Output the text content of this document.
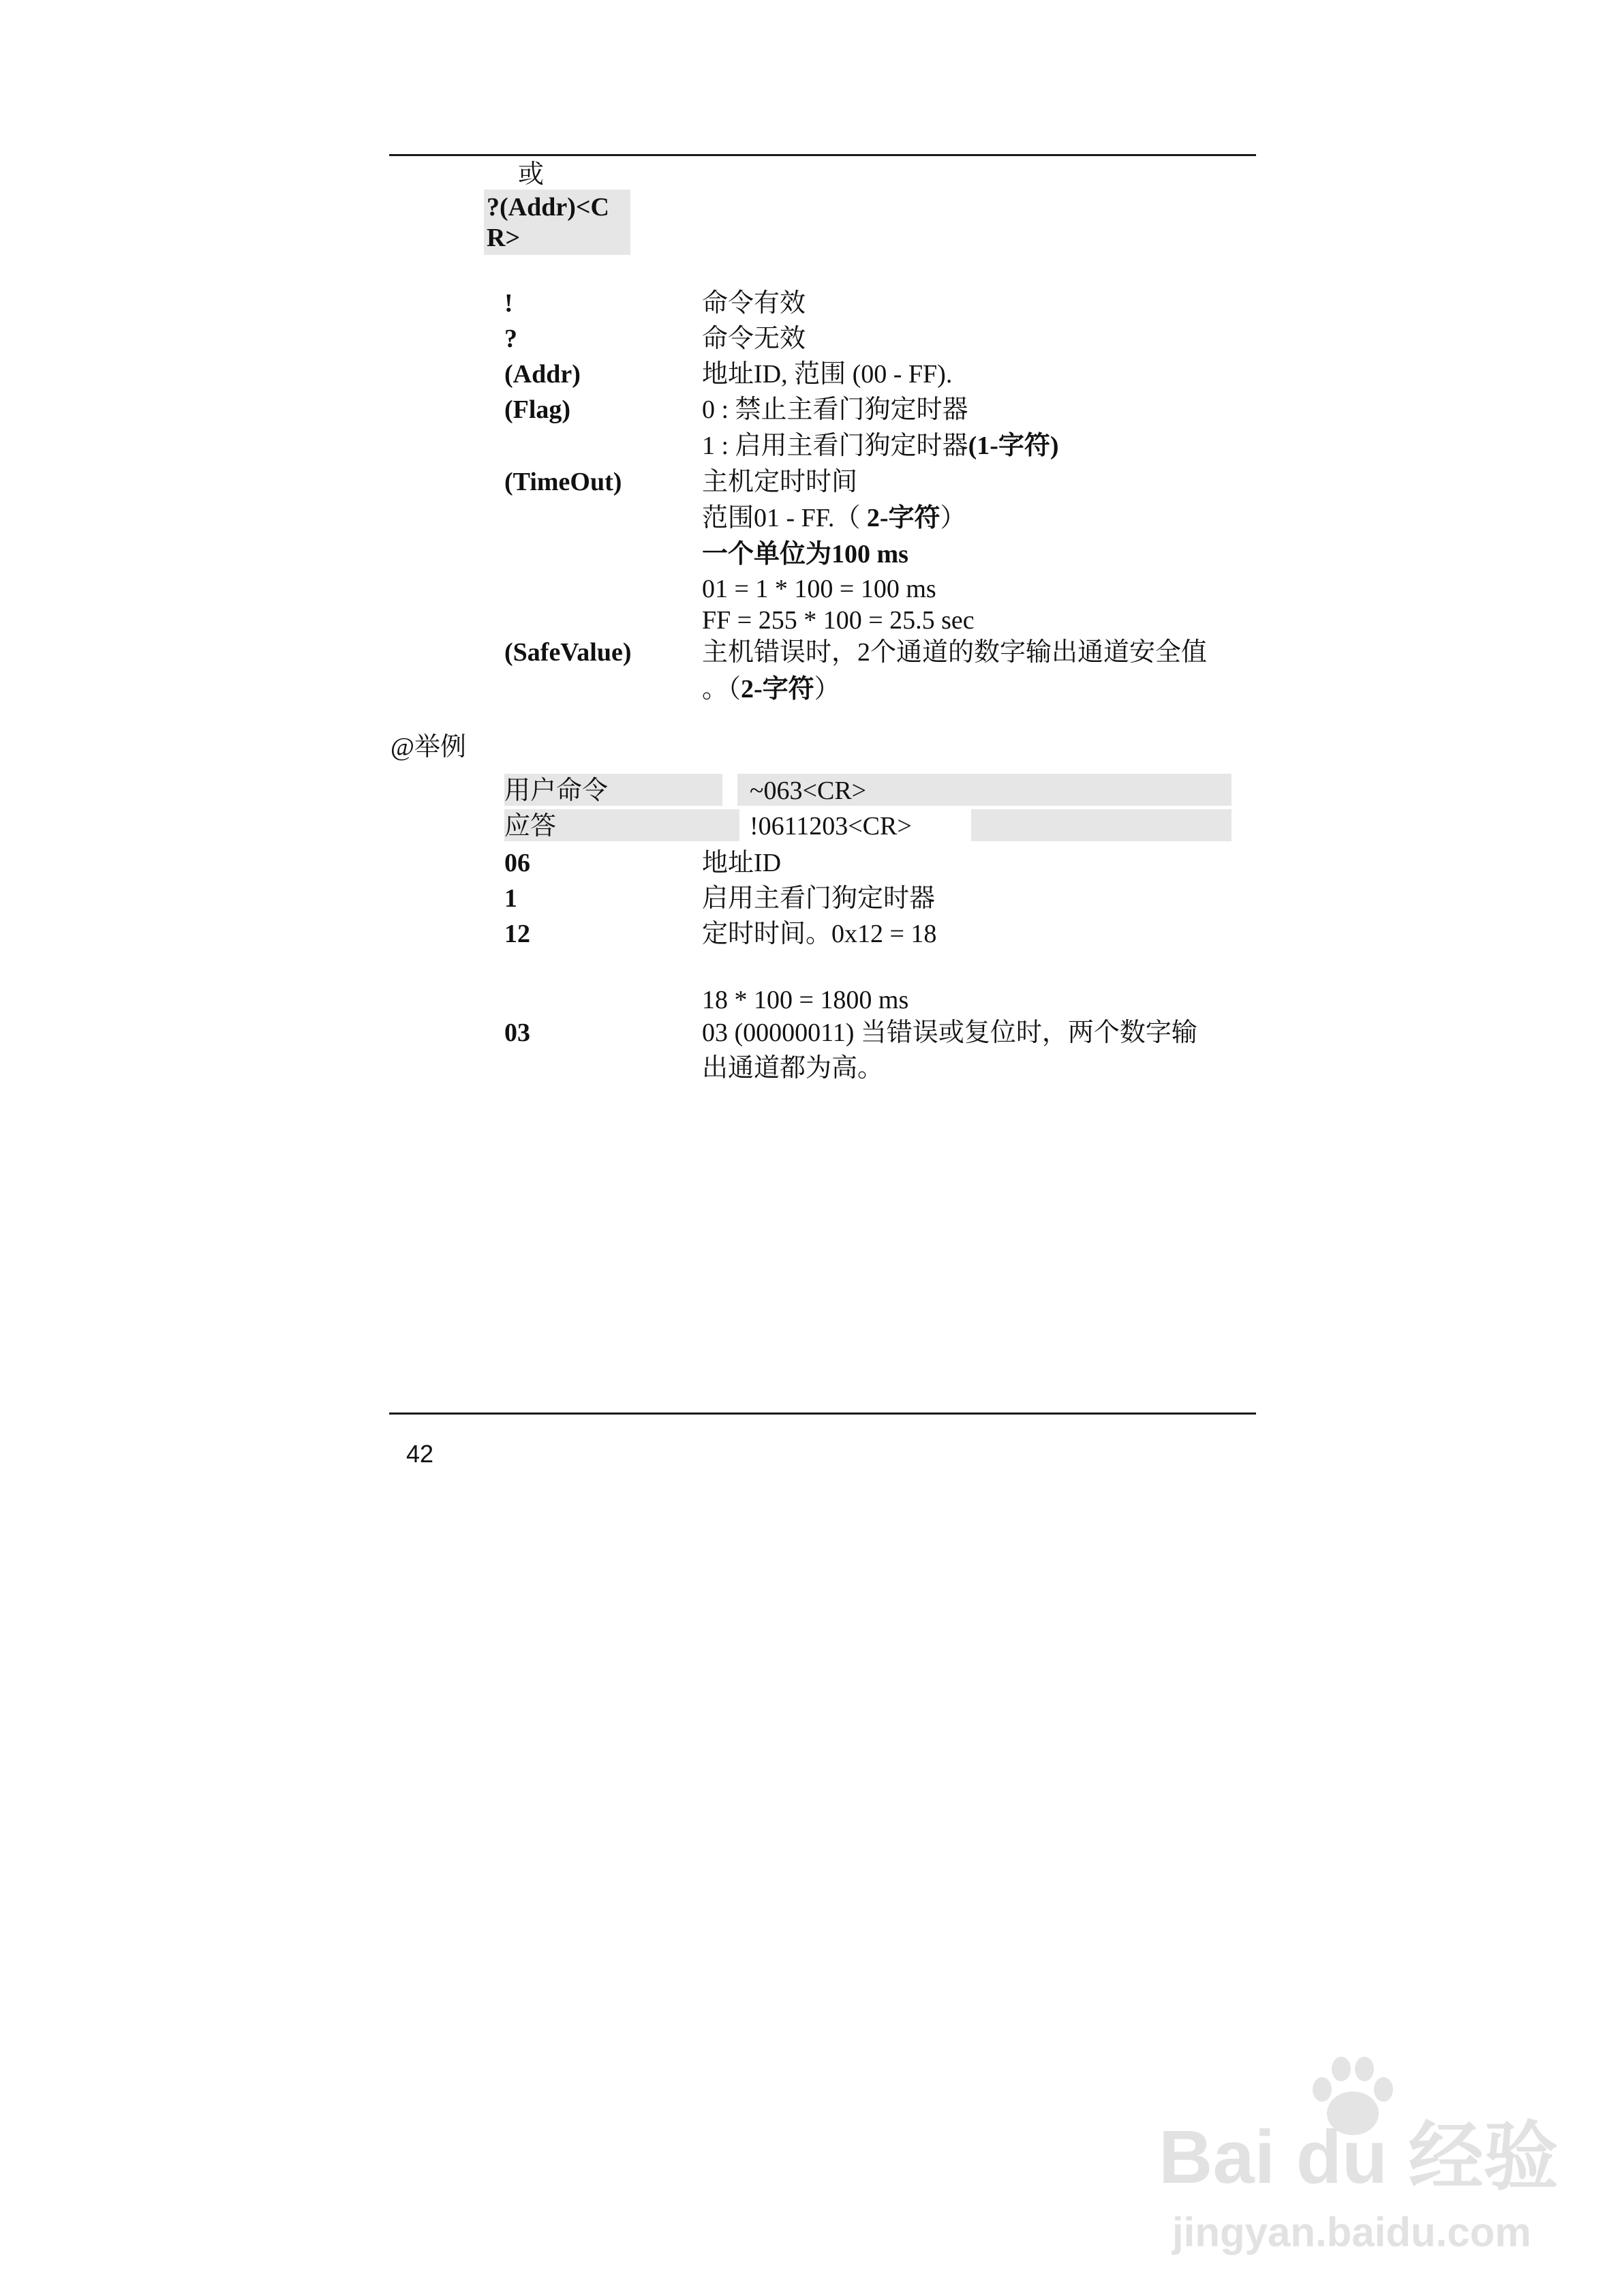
或
?(Addr)<C
R>
!	命令有效
?	命令无效
(Addr)	地址ID, 范围 (00 - FF).
(Flag)	0 : 禁止主看门狗定时器
1 : 启用主看门狗定时器(1-字符)
(TimeOut)	主机定时时间
范围01 - FF.（ 2-字符）
一个单位为100 ms
01 = 1 * 100 = 100 ms
FF = 255 * 100 = 25.5 sec
(SafeValue)	主机错误时，2个通道的数字输出通道安全值
。（2-字符）
@举例
用户命令	~063<CR>
应答	!0611203<CR>
06	地址ID
1	启用主看门狗定时器
12	定时时间。0x12 = 18
18 * 100 = 1800 ms
03	03 (00000011) 当错误或复位时，两个数字输
出通道都为高。
42
Bai du 经验
jingyan.baidu.com
